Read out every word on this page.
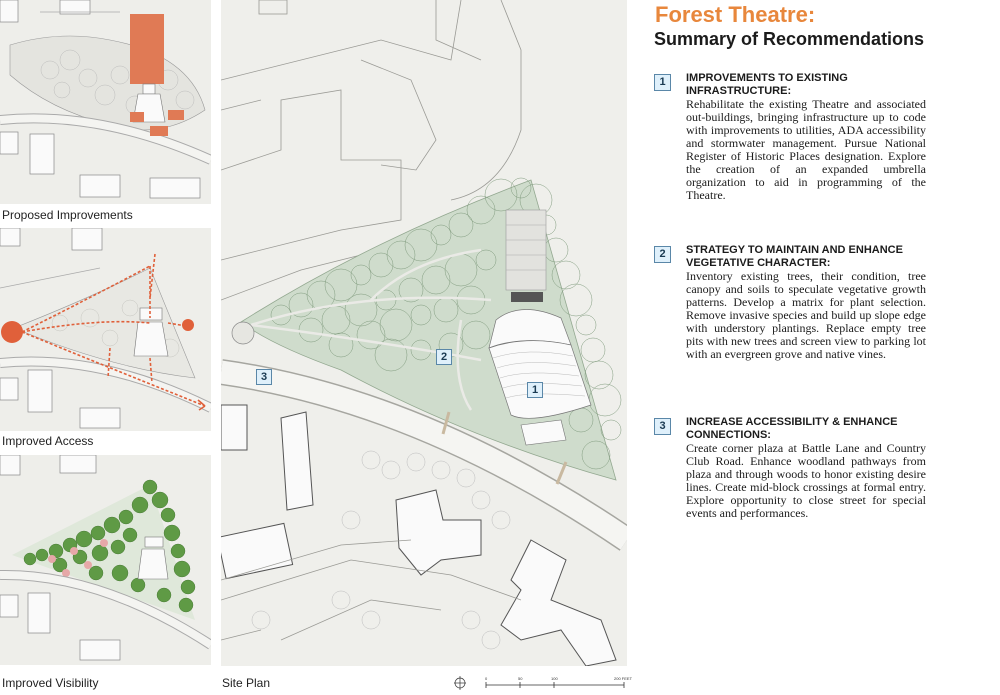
Proposed Improvements
Improved Access
Improved Visibility	Site Plan
1
2
3
0	50	100	200 FEET
Forest Theatre:
Summary of Recommendations
1	IMPROVEMENTS TO EXISTING INFRASTRUCTURE:
Rehabilitate the existing Theatre and associated out-buildings, bringing infrastructure up to code with improvements to utilities, ADA accessibility and stormwater management. Pursue National Register of Historic Places designation. Explore the creation of an expanded umbrella organization to aid in programming of the Theatre.
2	STRATEGY TO MAINTAIN AND ENHANCE VEGETATIVE CHARACTER:
Inventory existing trees, their condition, tree canopy and soils to speculate vegetative growth patterns. Develop a matrix for plant selection. Remove invasive species and build up slope edge with understory plantings. Replace empty tree pits with new trees and screen view to parking lot with an evergreen grove and native vines.
3	INCREASE ACCESSIBILITY & ENHANCE CONNECTIONS:
Create corner plaza at Battle Lane and Country Club Road. Enhance woodland pathways from plaza and through woods to honor existing desire lines. Create mid-block crossings at formal entry. Explore opportunity to close street for special events and performances.
